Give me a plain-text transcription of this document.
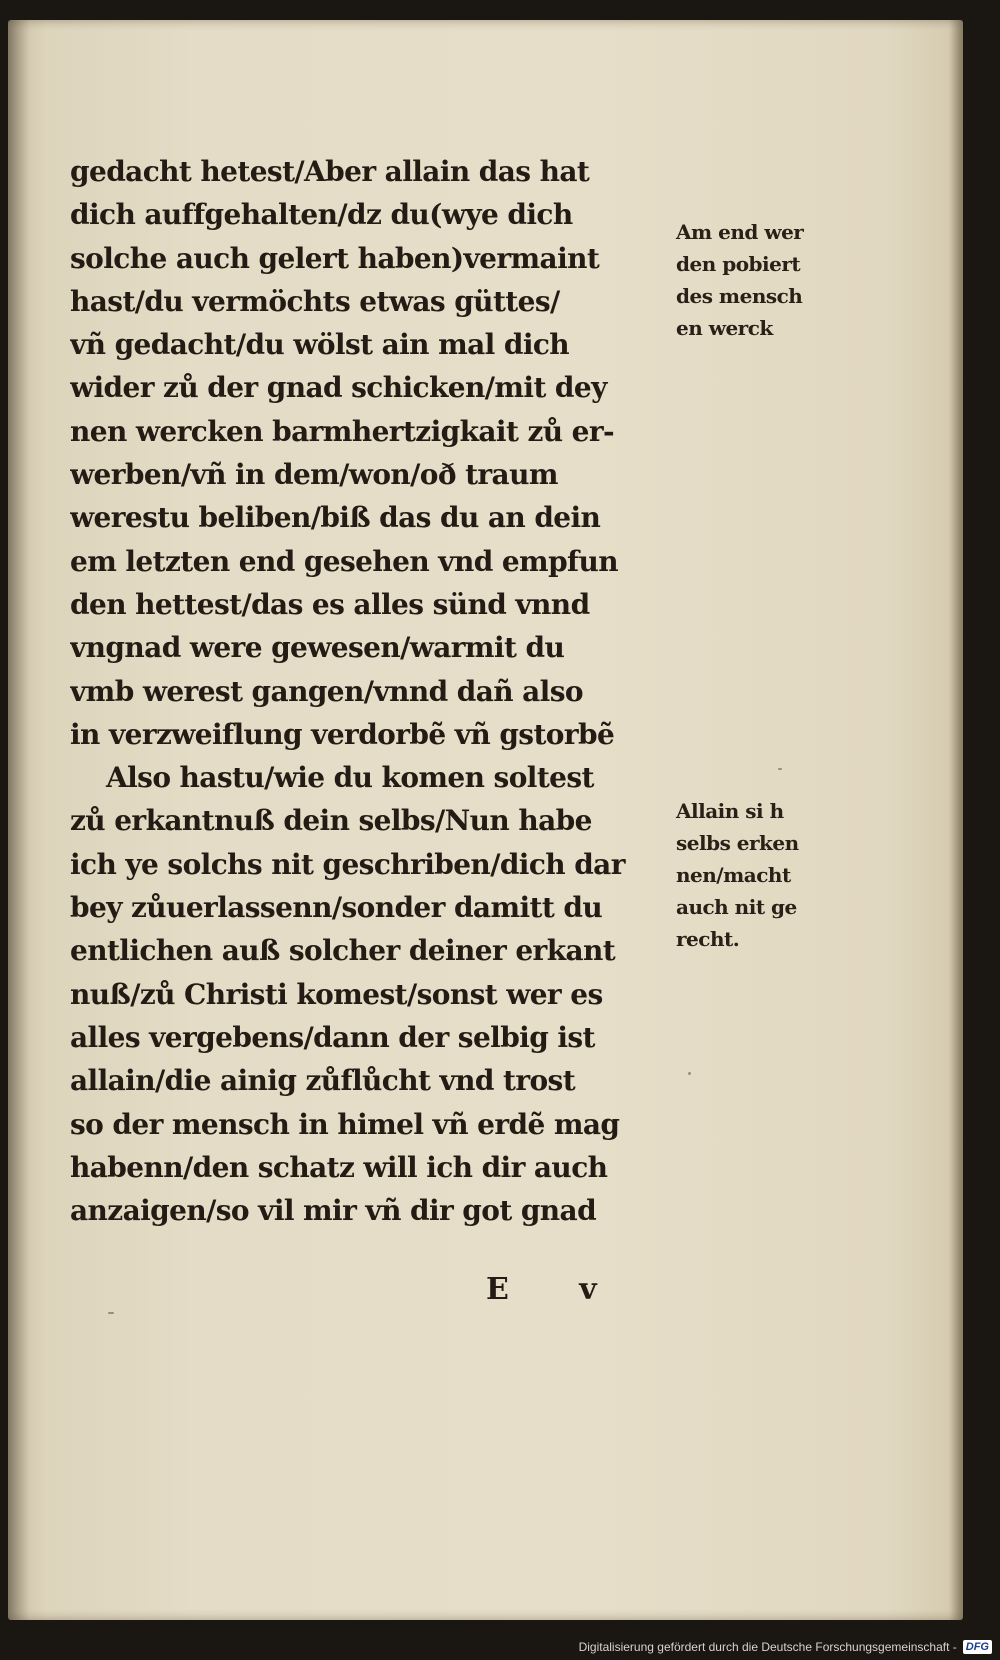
gedacht hetest/Aber allain das hat
dich auffgehalten/dz du(wye dich
solche auch gelert haben)vermaint
hast/du vermöchts etwas güttes/
vñ gedacht/du wölst ain mal dich
wider zů der gnad schicken/mit dey
nen wercken barmhertzigkait zů er-
werben/vñ in dem/won/oð traum
werestu beliben/biß das du an dein
em letzten end gesehen vnd empfun
den hettest/das es alles sünd vnnd
vngnad were gewesen/warmit du
vmb werest gangen/vnnd dañ also
in verzweiflung verdorbẽ vñ gstorbẽ
Also hastu/wie du komen soltest
zů erkantnuß dein selbs/Nun habe
ich ye solchs nit geschriben/dich dar
bey zůuerlassenn/sonder damitt du
entlichen auß solcher deiner erkant
nuß/zů Christi komest/sonst wer es
alles vergebens/dann der selbig ist
allain/die ainig zůflůcht vnd trost
so der mensch in himel vñ erdẽ mag
habenn/den schatz will ich dir auch
anzaigen/so vil mir vñ dir got gnad
Am end wer
den pobiert
des mensch
en werck
Allain si h
selbs erken
nen/macht
auch nit ge
recht.
E v
Digitalisierung gefördert durch die Deutsche Forschungsgemeinschaft - DFG
